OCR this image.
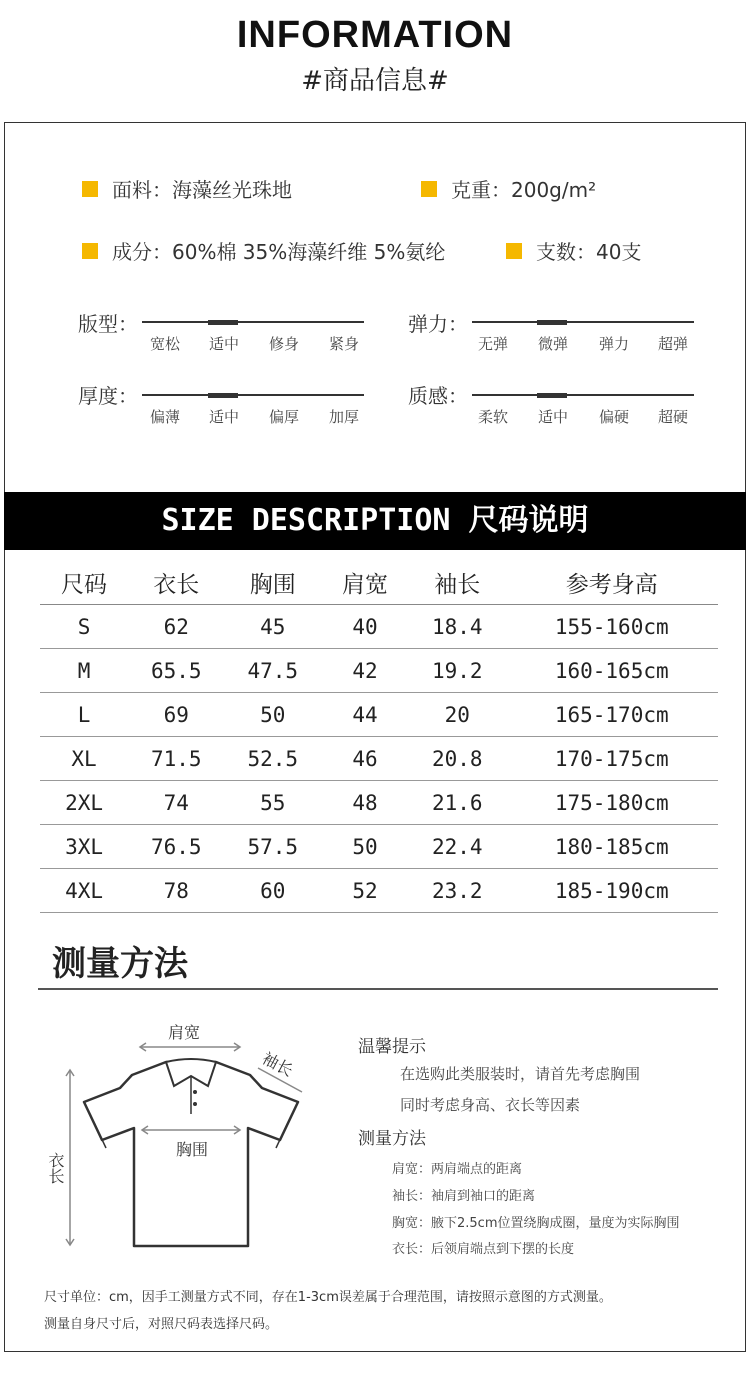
INFORMATION
#商品信息#
面料：海藻丝光珠地	克重：200g/m²
成分：60%棉 35%海藻纤维 5%氨纶	支数：40支
版型：
宽松	适中	修身	紧身
弹力：
无弹	微弹	弹力	超弹
厚度：
偏薄	适中	偏厚	加厚
质感：
柔软	适中	偏硬	超硬
SIZE DESCRIPTION 尺码说明
尺码	衣长	胸围	肩宽	袖长	参考身高
S	62	45	40	18.4	155-160cm
M	65.5	47.5	42	19.2	160-165cm
L	69	50	44	20	165-170cm
XL	71.5	52.5	46	20.8	170-175cm
2XL	74	55	48	21.6	175-180cm
3XL	76.5	57.5	50	22.4	180-185cm
4XL	78	60	52	23.2	185-190cm
测量方法
肩宽
袖长
胸围
衣长
温馨提示
在选购此类服装时，请首先考虑胸围
同时考虑身高、衣长等因素
测量方法
肩宽：两肩端点的距离
袖长：袖肩到袖口的距离
胸宽：腋下2.5cm位置绕胸成圈，量度为实际胸围
衣长：后领肩端点到下摆的长度
尺寸单位：cm，因手工测量方式不同，存在1-3cm误差属于合理范围，请按照示意图的方式测量。
测量自身尺寸后，对照尺码表选择尺码。
